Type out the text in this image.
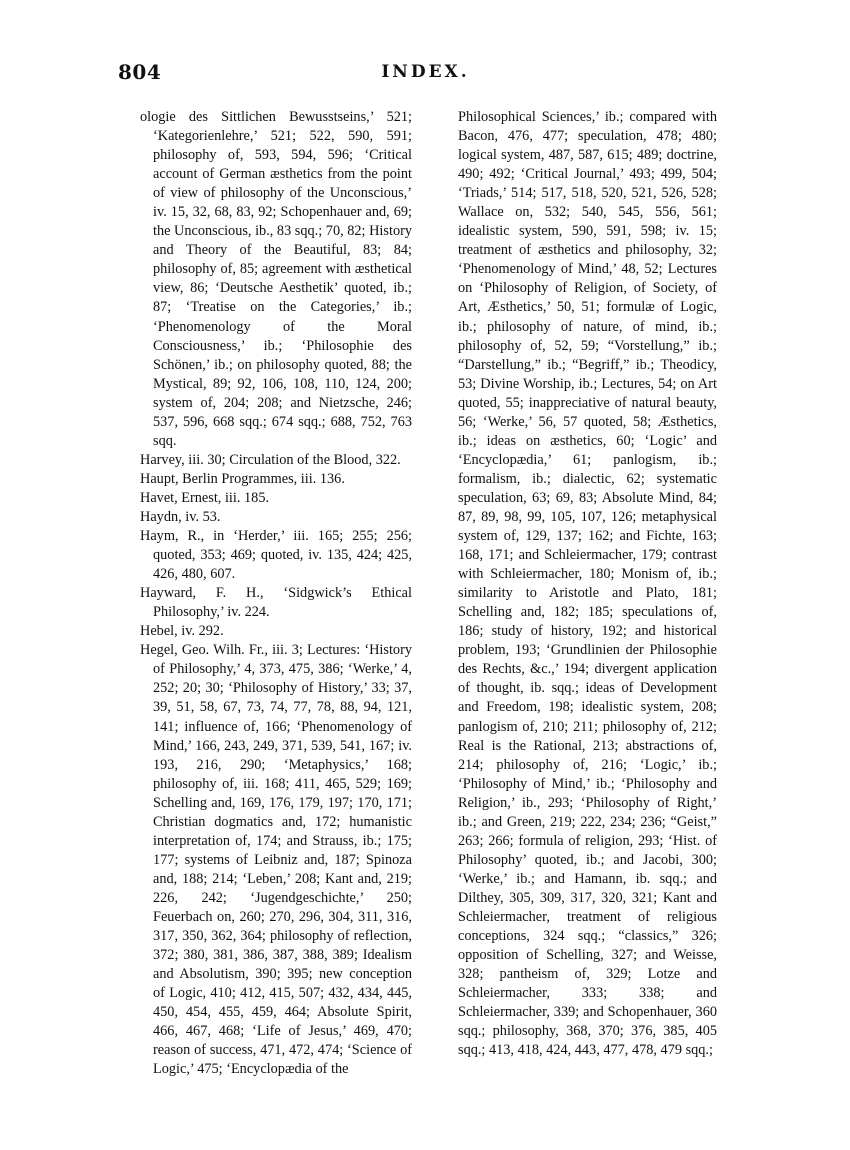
804	INDEX.

ologie des Sittlichen Bewusstseins,’ 521; ‘Kategorienlehre,’ 521; 522, 590, 591; philosophy of, 593, 594, 596; ‘Critical account of German æsthetics from the point of view of philosophy of the Unconscious,’ iv. 15, 32, 68, 83, 92; Schopenhauer and, 69; the Unconscious, ib., 83 sqq.; 70, 82; History and Theory of the Beautiful, 83; 84; philosophy of, 85; agreement with æsthetical view, 86; ‘Deutsche Aesthetik’ quoted, ib.; 87; ‘Treatise on the Categories,’ ib.; ‘Phenomenology of the Moral Consciousness,’ ib.; ‘Philosophie des Schönen,’ ib.; on philosophy quoted, 88; the Mystical, 89; 92, 106, 108, 110, 124, 200; system of, 204; 208; and Nietzsche, 246; 537, 596, 668 sqq.; 674 sqq.; 688, 752, 763 sqq.

Harvey, iii. 30; Circulation of the Blood, 322.

Haupt, Berlin Programmes, iii. 136.

Havet, Ernest, iii. 185.

Haydn, iv. 53.

Haym, R., in ‘Herder,’ iii. 165; 255; 256; quoted, 353; 469; quoted, iv. 135, 424; 425, 426, 480, 607.

Hayward, F. H., ‘Sidgwick’s Ethical Philosophy,’ iv. 224.

Hebel, iv. 292.

Hegel, Geo. Wilh. Fr., iii. 3; Lectures: ‘History of Philosophy,’ 4, 373, 475, 386; ‘Werke,’ 4, 252; 20; 30; ‘Philosophy of History,’ 33; 37, 39, 51, 58, 67, 73, 74, 77, 78, 88, 94, 121, 141; influence of, 166; ‘Phenomenology of Mind,’ 166, 243, 249, 371, 539, 541, 167; iv. 193, 216, 290; ‘Metaphysics,’ 168; philosophy of, iii. 168; 411, 465, 529; 169; Schelling and, 169, 176, 179, 197; 170, 171; Christian dogmatics and, 172; humanistic interpretation of, 174; and Strauss, ib.; 175; 177; systems of Leibniz and, 187; Spinoza and, 188; 214; ‘Leben,’ 208; Kant and, 219; 226, 242; ‘Jugendgeschichte,’ 250; Feuerbach on, 260; 270, 296, 304, 311, 316, 317, 350, 362, 364; philosophy of reflection, 372; 380, 381, 386, 387, 388, 389; Idealism and Absolutism, 390; 395; new conception of Logic, 410; 412, 415, 507; 432, 434, 445, 450, 454, 455, 459, 464; Absolute Spirit, 466, 467, 468; ‘Life of Jesus,’ 469, 470; reason of success, 471, 472, 474; ‘Science of Logic,’ 475; ‘Encyclopædia of the

Philosophical Sciences,’ ib.; compared with Bacon, 476, 477; speculation, 478; 480; logical system, 487, 587, 615; 489; doctrine, 490; 492; ‘Critical Journal,’ 493; 499, 504; ‘Triads,’ 514; 517, 518, 520, 521, 526, 528; Wallace on, 532; 540, 545, 556, 561; idealistic system, 590, 591, 598; iv. 15; treatment of æsthetics and philosophy, 32; ‘Phenomenology of Mind,’ 48, 52; Lectures on ‘Philosophy of Religion, of Society, of Art, Æsthetics,’ 50, 51; formulæ of Logic, ib.; philosophy of nature, of mind, ib.; philosophy of, 52, 59; “Vorstellung,” ib.; “Darstellung,” ib.; “Begriff,” ib.; Theodicy, 53; Divine Worship, ib.; Lectures, 54; on Art quoted, 55; inappreciative of natural beauty, 56; ‘Werke,’ 56, 57 quoted, 58; Æsthetics, ib.; ideas on æsthetics, 60; ‘Logic’ and ‘Encyclopædia,’ 61; panlogism, ib.; formalism, ib.; dialectic, 62; systematic speculation, 63; 69, 83; Absolute Mind, 84; 87, 89, 98, 99, 105, 107, 126; metaphysical system of, 129, 137; 162; and Fichte, 163; 168, 171; and Schleiermacher, 179; contrast with Schleiermacher, 180; Monism of, ib.; similarity to Aristotle and Plato, 181; Schelling and, 182; 185; speculations of, 186; study of history, 192; and historical problem, 193; ‘Grundlinien der Philosophie des Rechts, &c.,’ 194; divergent application of thought, ib. sqq.; ideas of Development and Freedom, 198; idealistic system, 208; panlogism of, 210; 211; philosophy of, 212; Real is the Rational, 213; abstractions of, 214; philosophy of, 216; ‘Logic,’ ib.; ‘Philosophy of Mind,’ ib.; ‘Philosophy and Religion,’ ib., 293; ‘Philosophy of Right,’ ib.; and Green, 219; 222, 234; 236; “Geist,” 263; 266; formula of religion, 293; ‘Hist. of Philosophy’ quoted, ib.; and Jacobi, 300; ‘Werke,’ ib.; and Hamann, ib. sqq.; and Dilthey, 305, 309, 317, 320, 321; Kant and Schleiermacher, treatment of religious conceptions, 324 sqq.; “classics,” 326; opposition of Schelling, 327; and Weisse, 328; pantheism of, 329; Lotze and Schleiermacher, 333; 338; and Schleiermacher, 339; and Schopenhauer, 360 sqq.; philosophy, 368, 370; 376, 385, 405 sqq.; 413, 418, 424, 443, 477, 478, 479 sqq.;
